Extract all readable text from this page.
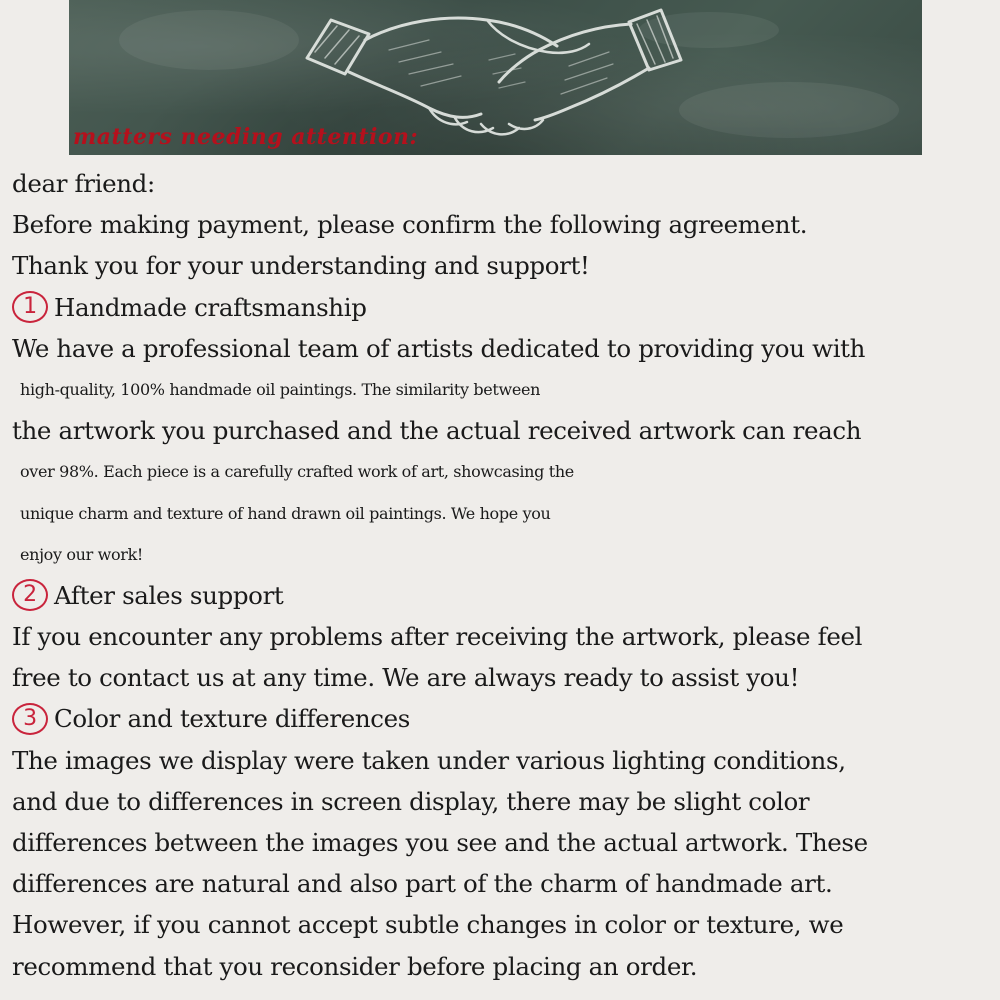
matters needing attention:
dear friend:
Before making payment, please confirm the following agreement.
Thank you for your understanding and support!
1 Handmade craftsmanship
We have a professional team of artists dedicated to providing you with
high-quality, 100% handmade oil paintings. The similarity between
the artwork you purchased and the actual received artwork can reach
over 98%. Each piece is a carefully crafted work of art, showcasing the
unique charm and texture of hand drawn oil paintings. We hope you
enjoy our work!
2 After sales support
If you encounter any problems after receiving the artwork, please feel
free to contact us at any time. We are always ready to assist you!
3 Color and texture differences
The images we display were taken under various lighting conditions,
and due to differences in screen display, there may be slight color
differences between the images you see and the actual artwork. These
differences are natural and also part of the charm of handmade art.
However, if you cannot accept subtle changes in color or texture, we
recommend that you reconsider before placing an order.
